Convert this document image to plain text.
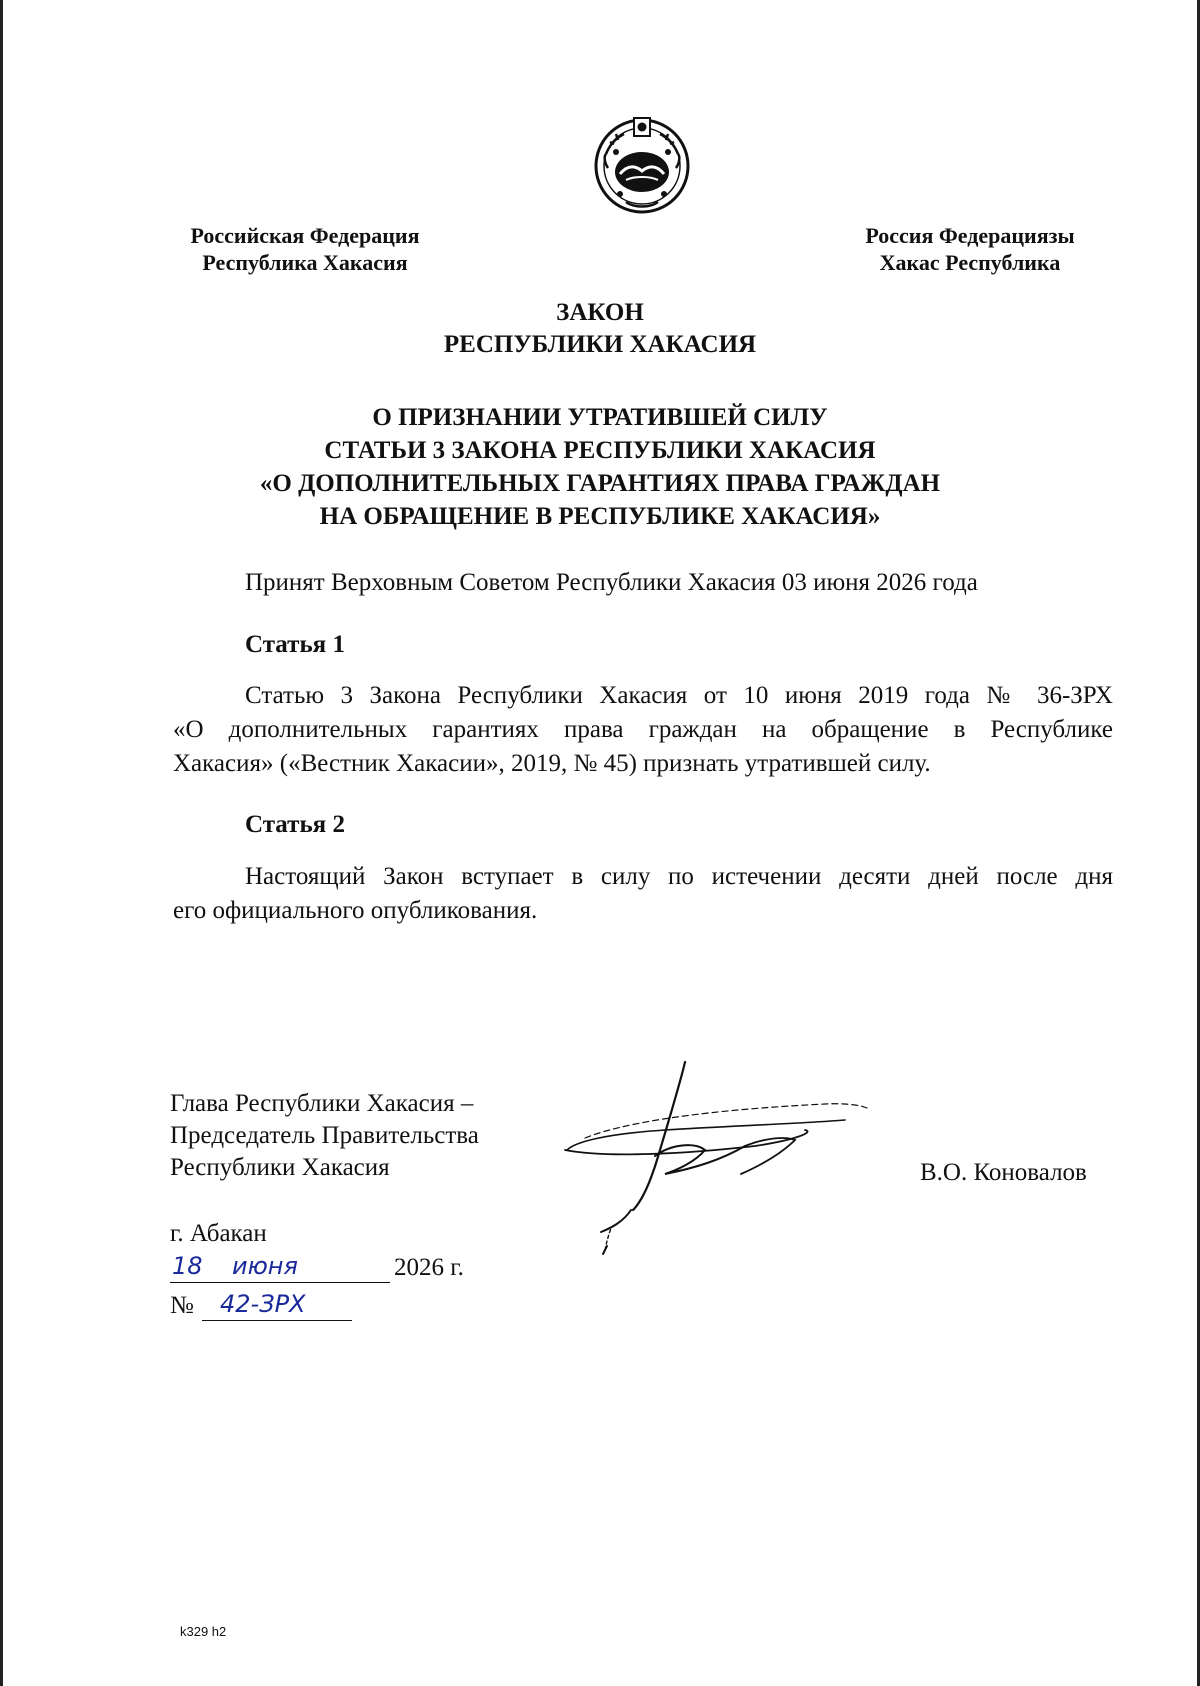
Российская Федерация
Республика Хакасия
Россия Федерациязы
Хакас Республика
ЗАКОН
РЕСПУБЛИКИ ХАКАСИЯ
О ПРИЗНАНИИ УТРАТИВШЕЙ СИЛУ
СТАТЬИ 3 ЗАКОНА РЕСПУБЛИКИ ХАКАСИЯ
«О ДОПОЛНИТЕЛЬНЫХ ГАРАНТИЯХ ПРАВА ГРАЖДАН
НА ОБРАЩЕНИЕ В РЕСПУБЛИКЕ ХАКАСИЯ»
Принят Верховным Советом Республики Хакасия 03 июня 2026 года
Статья 1
Статью 3 Закона Республики Хакасия от 10 июня 2019 года № 36-ЗРХ
«О дополнительных гарантиях права граждан на обращение в Республике
Хакасия» («Вестник Хакасии», 2019, № 45) признать утратившей силу.
Статья 2
Настоящий Закон вступает в силу по истечении десяти дней после дня
его официального опубликования.
Глава Республики Хакасия –
Председатель Правительства
Республики Хакасия	В.О. Коновалов
г. Абакан
18 июня	2026 г.
№ 42-ЗРХ
k329 h2
